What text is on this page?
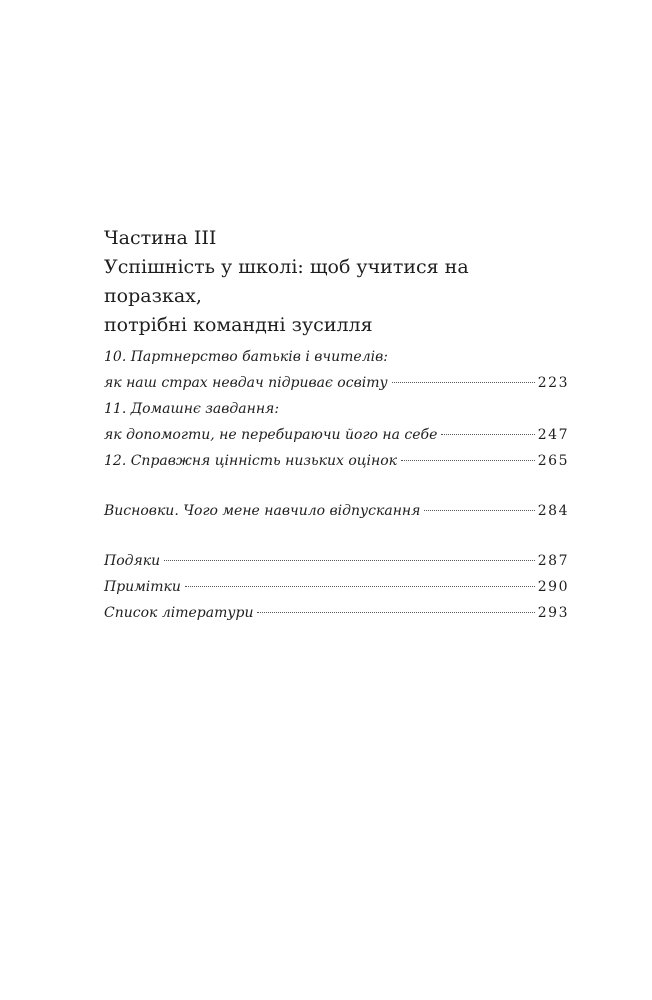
Частина III
Успішність у школі: щоб учитися на поразках,
потрібні командні зусилля
10. Партнерство батьків і вчителів:
як наш страх невдач підриває освіту	223
11. Домашнє завдання:
як допомогти, не перебираючи його на себе	247
12. Справжня цінність низьких оцінок	265
Висновки. Чого мене навчило відпускання	284
Подяки	287
Примітки	290
Список літератури	293
